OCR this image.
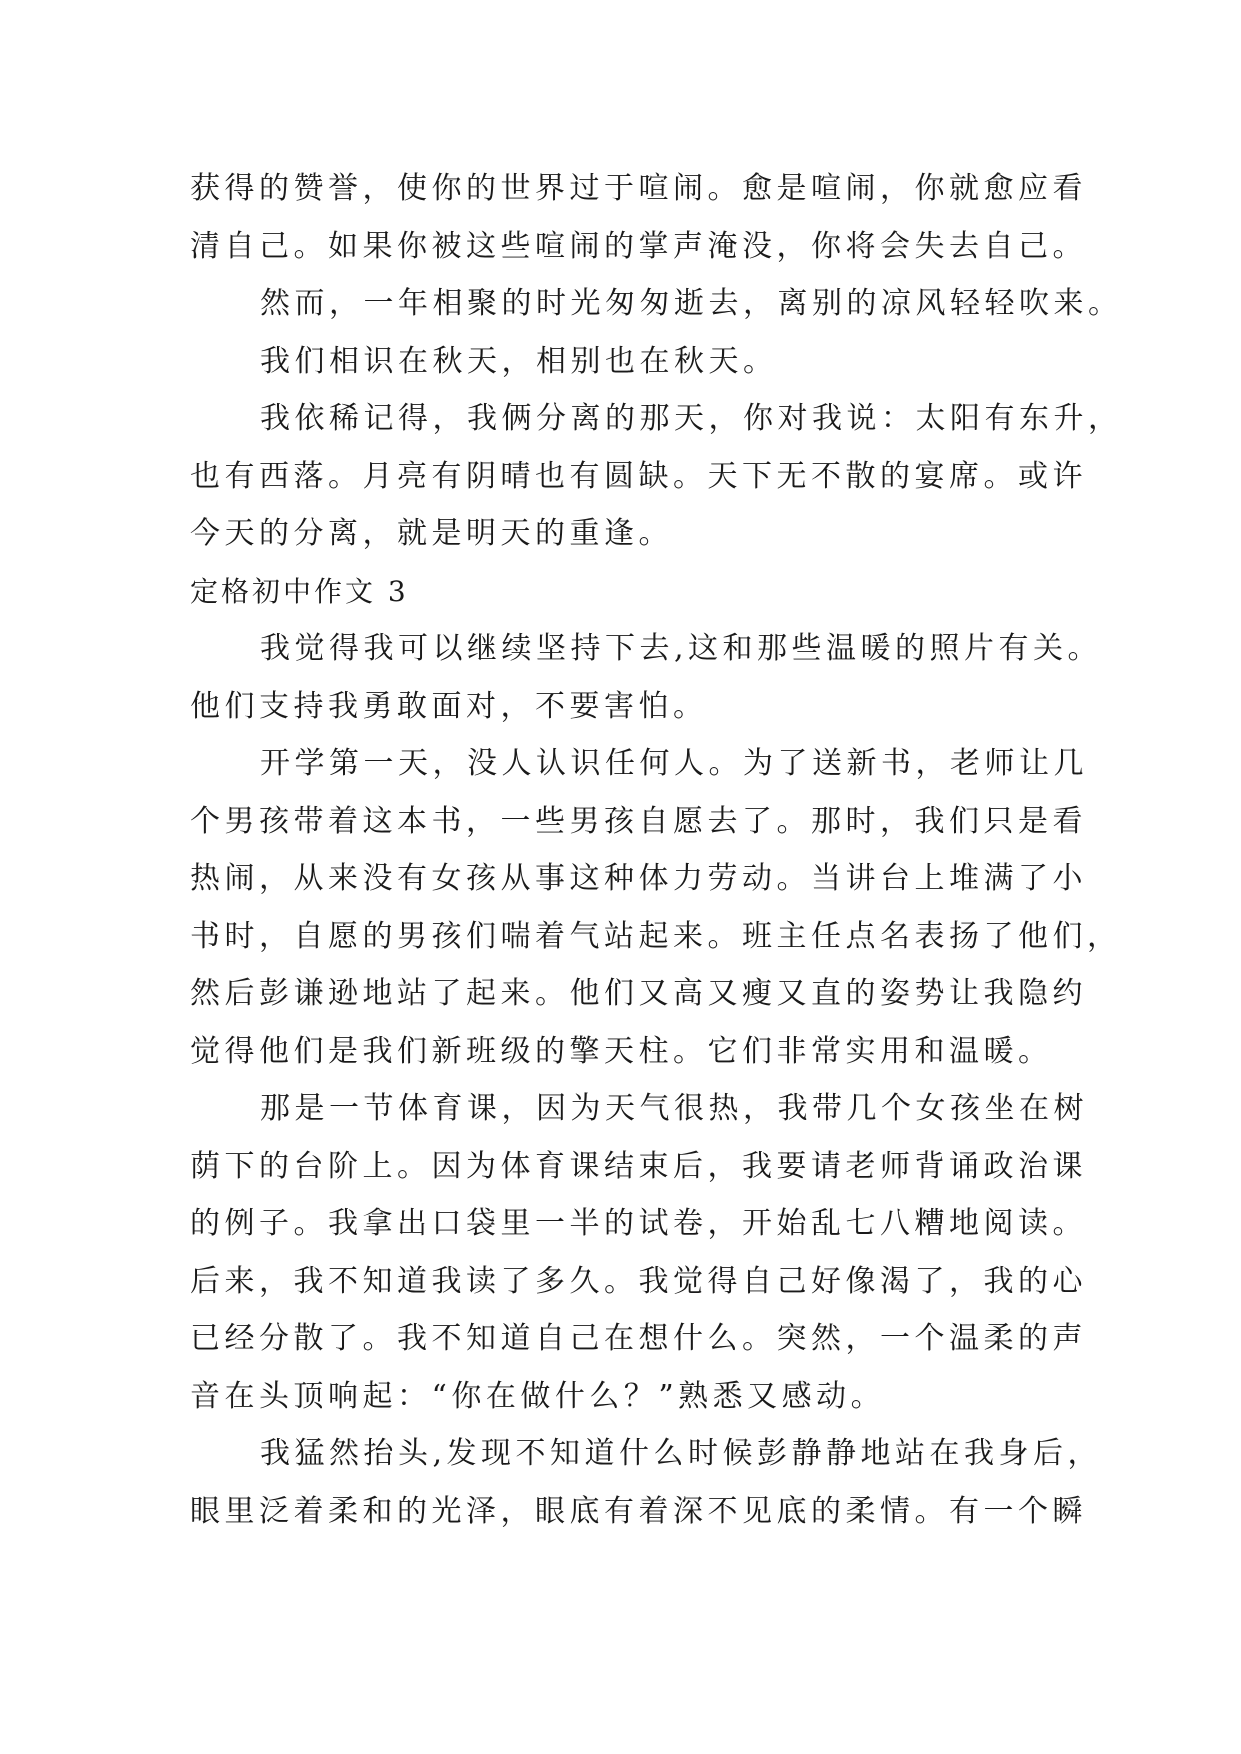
获得的赞誉，使你的世界过于喧闹。愈是喧闹，你就愈应看
清自己。如果你被这些喧闹的掌声淹没，你将会失去自己。
然而，一年相聚的时光匆匆逝去，离别的凉风轻轻吹来。
我们相识在秋天，相别也在秋天。
我依稀记得，我俩分离的那天，你对我说：太阳有东升，
也有西落。月亮有阴晴也有圆缺。天下无不散的宴席。或许
今天的分离，就是明天的重逢。
定格初中作文 3
我觉得我可以继续坚持下去,这和那些温暖的照片有关。
他们支持我勇敢面对，不要害怕。
开学第一天，没人认识任何人。为了送新书，老师让几
个男孩带着这本书，一些男孩自愿去了。那时，我们只是看
热闹，从来没有女孩从事这种体力劳动。当讲台上堆满了小
书时，自愿的男孩们喘着气站起来。班主任点名表扬了他们，
然后彭谦逊地站了起来。他们又高又瘦又直的姿势让我隐约
觉得他们是我们新班级的擎天柱。它们非常实用和温暖。
那是一节体育课，因为天气很热，我带几个女孩坐在树
荫下的台阶上。因为体育课结束后，我要请老师背诵政治课
的例子。我拿出口袋里一半的试卷，开始乱七八糟地阅读。
后来，我不知道我读了多久。我觉得自己好像渴了，我的心
已经分散了。我不知道自己在想什么。突然，一个温柔的声
音在头顶响起：“你在做什么？”熟悉又感动。
我猛然抬头,发现不知道什么时候彭静静地站在我身后，
眼里泛着柔和的光泽，眼底有着深不见底的柔情。有一个瞬
